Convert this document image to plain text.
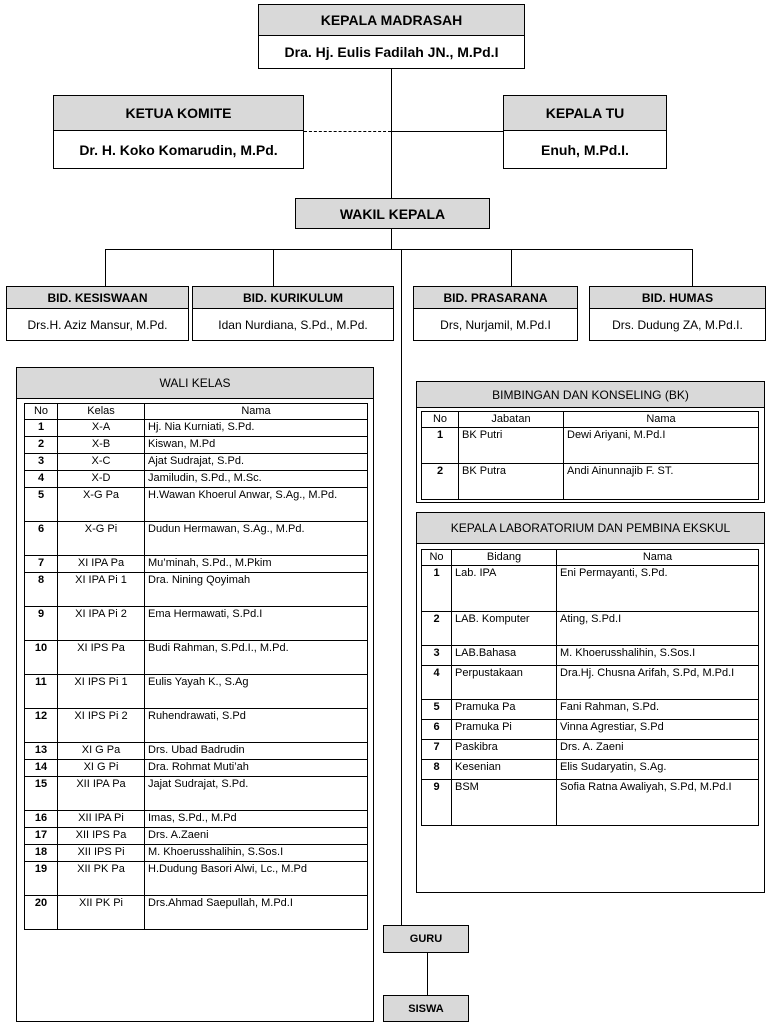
KEPALA MADRASAH
Dra. Hj. Eulis Fadilah JN., M.Pd.I
KETUA KOMITE
Dr. H. Koko Komarudin, M.Pd.
KEPALA TU
Enuh, M.Pd.I.
WAKIL KEPALA
BID. KESISWAAN
Drs.H. Aziz Mansur, M.Pd.
BID. KURIKULUM
Idan Nurdiana, S.Pd., M.Pd.
BID. PRASARANA
Drs, Nurjamil, M.Pd.I
BID. HUMAS
Drs. Dudung ZA, M.Pd.I.
WALI KELAS
No	Kelas	Nama
1	X-A	Hj. Nia Kurniati, S.Pd.
2	X-B	Kiswan, M.Pd
3	X-C	Ajat Sudrajat, S.Pd.
4	X-D	Jamiludin, S.Pd., M.Sc.
5	X-G Pa	H.Wawan Khoerul Anwar, S.Ag., M.Pd.
6	X-G Pi	Dudun Hermawan, S.Ag., M.Pd.
7	XI IPA Pa	Mu’minah, S.Pd., M.Pkim
8	XI IPA Pi 1	Dra. Nining Qoyimah
9	XI IPA Pi 2	Ema Hermawati, S.Pd.I
10	XI IPS Pa	Budi Rahman, S.Pd.I., M.Pd.
11	XI IPS Pi 1	Eulis Yayah K., S.Ag
12	XI IPS Pi 2	Ruhendrawati, S.Pd
13	XI G Pa	Drs. Ubad Badrudin
14	XI G Pi	Dra. Rohmat Muti’ah
15	XII IPA Pa	Jajat Sudrajat, S.Pd.
16	XII IPA Pi	Imas, S.Pd., M.Pd
17	XII IPS Pa	Drs. A.Zaeni
18	XII IPS Pi	M. Khoerusshalihin, S.Sos.I
19	XII PK Pa	H.Dudung Basori Alwi, Lc., M.Pd
20	XII PK Pi	Drs.Ahmad Saepullah, M.Pd.I
BIMBINGAN DAN KONSELING (BK)
No	Jabatan	Nama
1	BK Putri	Dewi Ariyani, M.Pd.I
2	BK Putra	Andi Ainunnajib F. ST.
KEPALA LABORATORIUM DAN PEMBINA EKSKUL
No	Bidang	Nama
1	Lab. IPA	Eni Permayanti, S.Pd.
2	LAB. Komputer	Ating, S.Pd.I
3	LAB.Bahasa	M. Khoerusshalihin, S.Sos.I
4	Perpustakaan	Dra.Hj. Chusna Arifah, S.Pd, M.Pd.I
5	Pramuka Pa	Fani Rahman, S.Pd.
6	Pramuka Pi	Vinna Agrestiar, S.Pd
7	Paskibra	Drs. A. Zaeni
8	Kesenian	Elis Sudaryatin, S.Ag.
9	BSM	Sofia Ratna Awaliyah, S.Pd, M.Pd.I
GURU
SISWA
